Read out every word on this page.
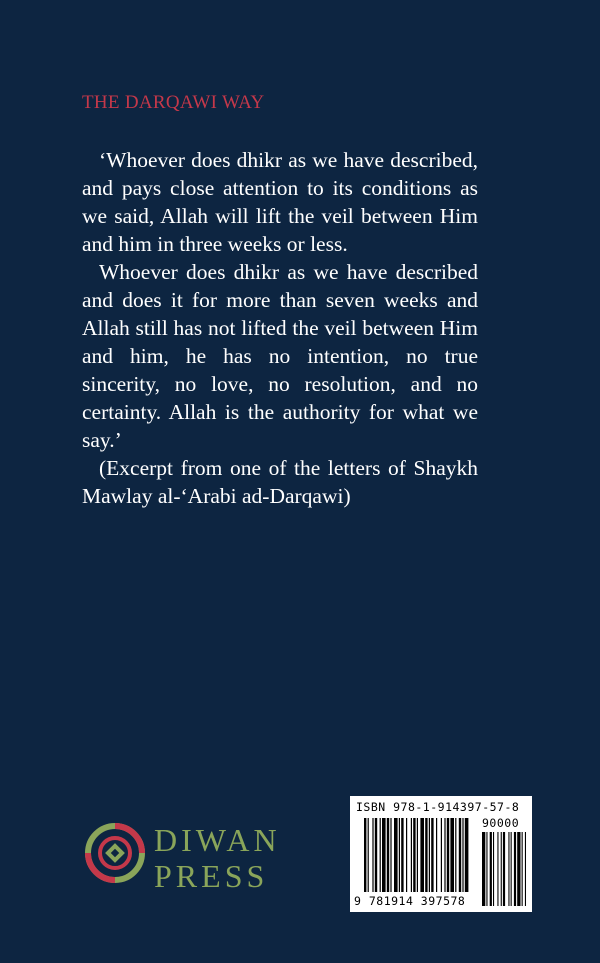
THE DARQAWI WAY

‘Whoever does dhikr as we have described, and pays close attention to its conditions as we said, Allah will lift the veil between Him and him in three weeks or less.

Whoever does dhikr as we have described and does it for more than seven weeks and Allah still has not lifted the veil between Him and him, he has no intention, no true sincerity, no love, no resolution, and no certainty. Allah is the authority for what we say.’

(Excerpt from one of the letters of Shaykh Mawlay al-‘Arabi ad-Darqawi)

DIWAN
PRESS
ISBN 978-1-914397-57-8
90000
9 781914 397578
